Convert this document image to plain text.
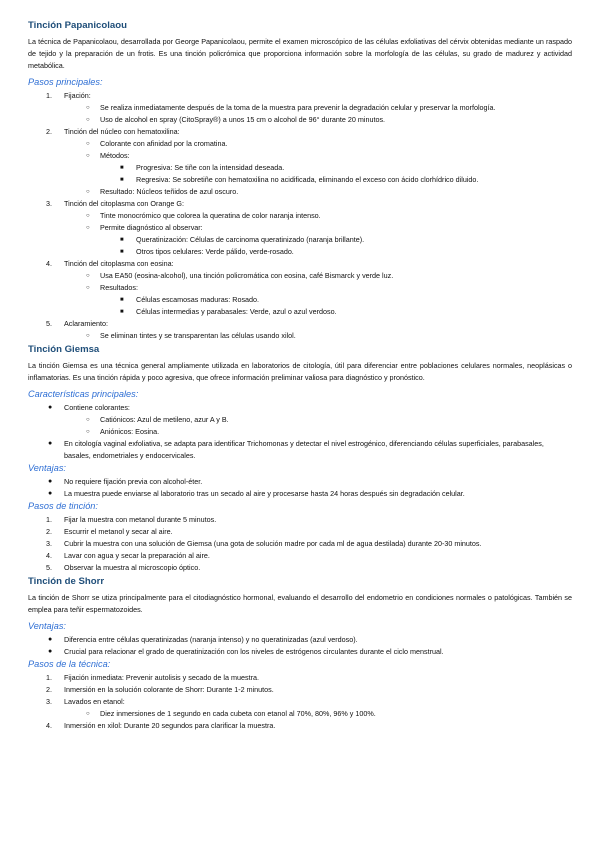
Tinción Papanicolaou

La técnica de Papanicolaou, desarrollada por George Papanicolaou, permite el examen microscópico de las células exfoliativas del cérvix obtenidas mediante un raspado de tejido y la preparación de un frotis. Es una tinción policrómica que proporciona información sobre la morfología de las células, su grado de madurez y actividad metabólica.

Pasos principales:
1. Fijación:
○ Se realiza inmediatamente después de la toma de la muestra para prevenir la degradación celular y preservar la morfología.
○ Uso de alcohol en spray (CitoSpray®) a unos 15 cm o alcohol de 96° durante 20 minutos.
2. Tinción del núcleo con hematoxilina:
○ Colorante con afinidad por la cromatina.
○ Métodos:
■ Progresiva: Se tiñe con la intensidad deseada.
■ Regresiva: Se sobretiñe con hematoxilina no acidificada, eliminando el exceso con ácido clorhídrico diluido.
○ Resultado: Núcleos teñidos de azul oscuro.
3. Tinción del citoplasma con Orange G:
○ Tinte monocrómico que colorea la queratina de color naranja intenso.
○ Permite diagnóstico al observar:
■ Queratinización: Células de carcinoma queratinizado (naranja brillante).
■ Otros tipos celulares: Verde pálido, verde-rosado.
4. Tinción del citoplasma con eosina:
○ Usa EA50 (eosina-alcohol), una tinción policromática con eosina, café Bismarck y verde luz.
○ Resultados:
■ Células escamosas maduras: Rosado.
■ Células intermedias y parabasales: Verde, azul o azul verdoso.
5. Aclaramiento:
○ Se eliminan tintes y se transparentan las células usando xilol.
Tinción Giemsa

La tinción Giemsa es una técnica general ampliamente utilizada en laboratorios de citología, útil para diferenciar entre poblaciones celulares normales, neoplásicas o inflamatorias. Es una tinción rápida y poco agresiva, que ofrece información preliminar valiosa para diagnóstico y pronóstico.

Características principales:
● Contiene colorantes:
○ Catiónicos: Azul de metileno, azur A y B.
○ Aniónicos: Eosina.
● En citología vaginal exfoliativa, se adapta para identificar Trichomonas y detectar el nivel estrogénico, diferenciando células superficiales, parabasales, basales, endometriales y endocervicales.
Ventajas:
● No requiere fijación previa con alcohol-éter.
● La muestra puede enviarse al laboratorio tras un secado al aire y procesarse hasta 24 horas después sin degradación celular.
Pasos de tinción:
1. Fijar la muestra con metanol durante 5 minutos.
2. Escurrir el metanol y secar al aire.
3. Cubrir la muestra con una solución de Giemsa (una gota de solución madre por cada ml de agua destilada) durante 20-30 minutos.
4. Lavar con agua y secar la preparación al aire.
5. Observar la muestra al microscopio óptico.
Tinción de Shorr

La tinción de Shorr se utiza principalmente para el citodiagnóstico hormonal, evaluando el desarrollo del endometrio en condiciones normales o patológicas. También se emplea para teñir espermatozoides.

Ventajas:
● Diferencia entre células queratinizadas (naranja intenso) y no queratinizadas (azul verdoso).
● Crucial para relacionar el grado de queratinización con los niveles de estrógenos circulantes durante el ciclo menstrual.
Pasos de la técnica:
1. Fijación inmediata: Prevenir autolisis y secado de la muestra.
2. Inmersión en la solución colorante de Shorr: Durante 1-2 minutos.
3. Lavados en etanol:
○ Diez inmersiones de 1 segundo en cada cubeta con etanol al 70%, 80%, 96% y 100%.
4. Inmersión en xilol: Durante 20 segundos para clarificar la muestra.
